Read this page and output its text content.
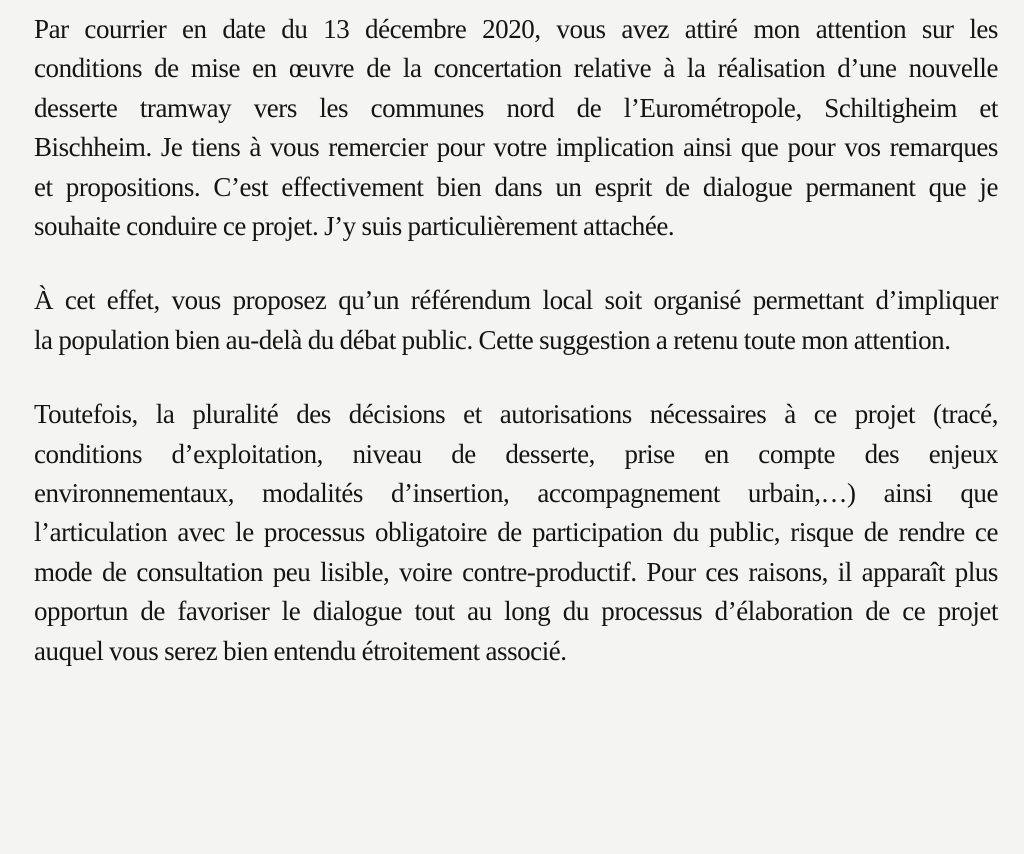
Par courrier en date du 13 décembre 2020, vous avez attiré mon attention sur les
conditions de mise en œuvre de la concertation relative à la réalisation d’une nouvelle
desserte tramway vers les communes nord de l’Eurométropole, Schiltigheim et
Bischheim. Je tiens à vous remercier pour votre implication ainsi que pour vos remarques
et propositions. C’est effectivement bien dans un esprit de dialogue permanent que je
souhaite conduire ce projet. J’y suis particulièrement attachée.

À cet effet, vous proposez qu’un référendum local soit organisé permettant d’impliquer
la population bien au-delà du débat public. Cette suggestion a retenu toute mon attention.

Toutefois, la pluralité des décisions et autorisations nécessaires à ce projet (tracé,
conditions d’exploitation, niveau de desserte, prise en compte des enjeux
environnementaux, modalités d’insertion, accompagnement urbain,…) ainsi que
l’articulation avec le processus obligatoire de participation du public, risque de rendre ce
mode de consultation peu lisible, voire contre-productif. Pour ces raisons, il apparaît plus
opportun de favoriser le dialogue tout au long du processus d’élaboration de ce projet
auquel vous serez bien entendu étroitement associé.
